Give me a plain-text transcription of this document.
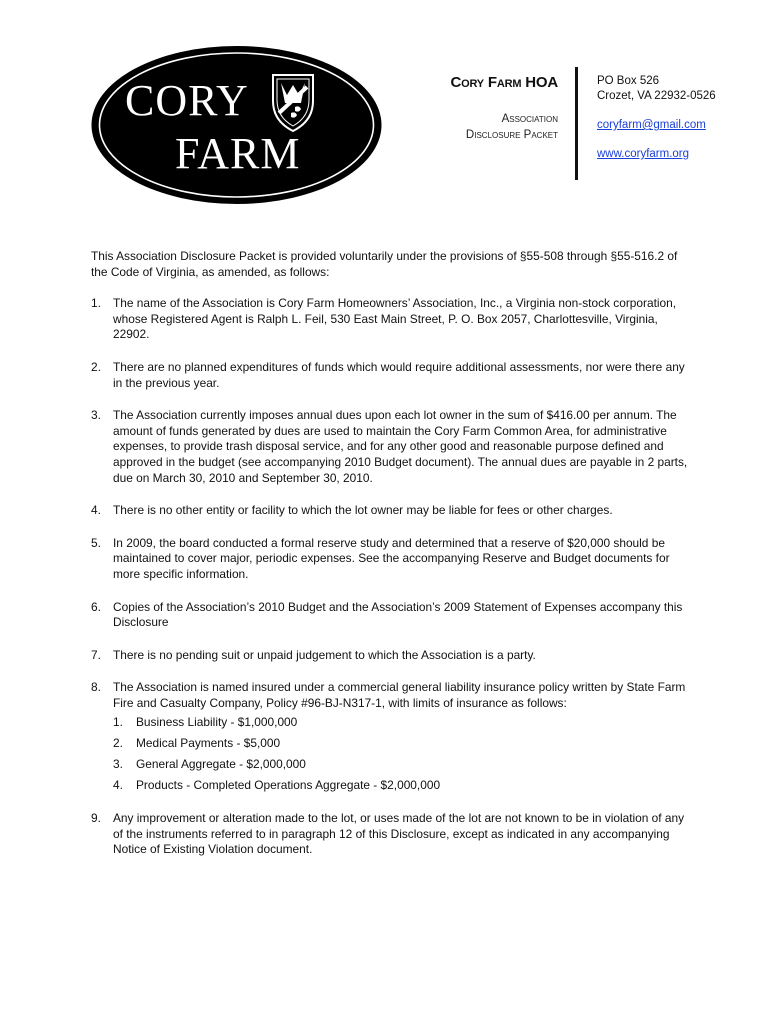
CORY
FARM
Cory Farm HOA
Association
Disclosure Packet
PO Box 526
Crozet, VA 22932-0526
coryfarm@gmail.com
www.coryfarm.org

This Association Disclosure Packet is provided voluntarily under the provisions of §55-508 through §55-516.2 of the Code of Virginia, as amended, as follows:

1. The name of the Association is Cory Farm Homeowners’ Association, Inc., a Virginia non-stock corporation, whose Registered Agent is Ralph L. Feil, 530 East Main Street, P. O. Box 2057, Charlottesville, Virginia, 22902.
2. There are no planned expenditures of funds which would require additional assessments, nor were there any in the previous year.
3. The Association currently imposes annual dues upon each lot owner in the sum of $416.00 per annum. The amount of funds generated by dues are used to maintain the Cory Farm Common Area, for administrative expenses, to provide trash disposal service, and for any other good and reasonable purpose defined and approved in the budget (see accompanying 2010 Budget document). The annual dues are payable in 2 parts, due on March 30, 2010 and September 30, 2010.
4. There is no other entity or facility to which the lot owner may be liable for fees or other charges.
5. In 2009, the board conducted a formal reserve study and determined that a reserve of $20,000 should be maintained to cover major, periodic expenses. See the accompanying Reserve and Budget documents for more specific information.
6. Copies of the Association’s 2010 Budget and the Association’s 2009 Statement of Expenses accompany this Disclosure
7. There is no pending suit or unpaid judgement to which the Association is a party.
8. The Association is named insured under a commercial general liability insurance policy written by State Farm Fire and Casualty Company, Policy #96-BJ-N317-1, with limits of insurance as follows:
1. Business Liability - $1,000,000
2. Medical Payments - $5,000
3. General Aggregate - $2,000,000
4. Products - Completed Operations Aggregate - $2,000,000
9. Any improvement or alteration made to the lot, or uses made of the lot are not known to be in violation of any of the instruments referred to in paragraph 12 of this Disclosure, except as indicated in any accompanying Notice of Existing Violation document.
